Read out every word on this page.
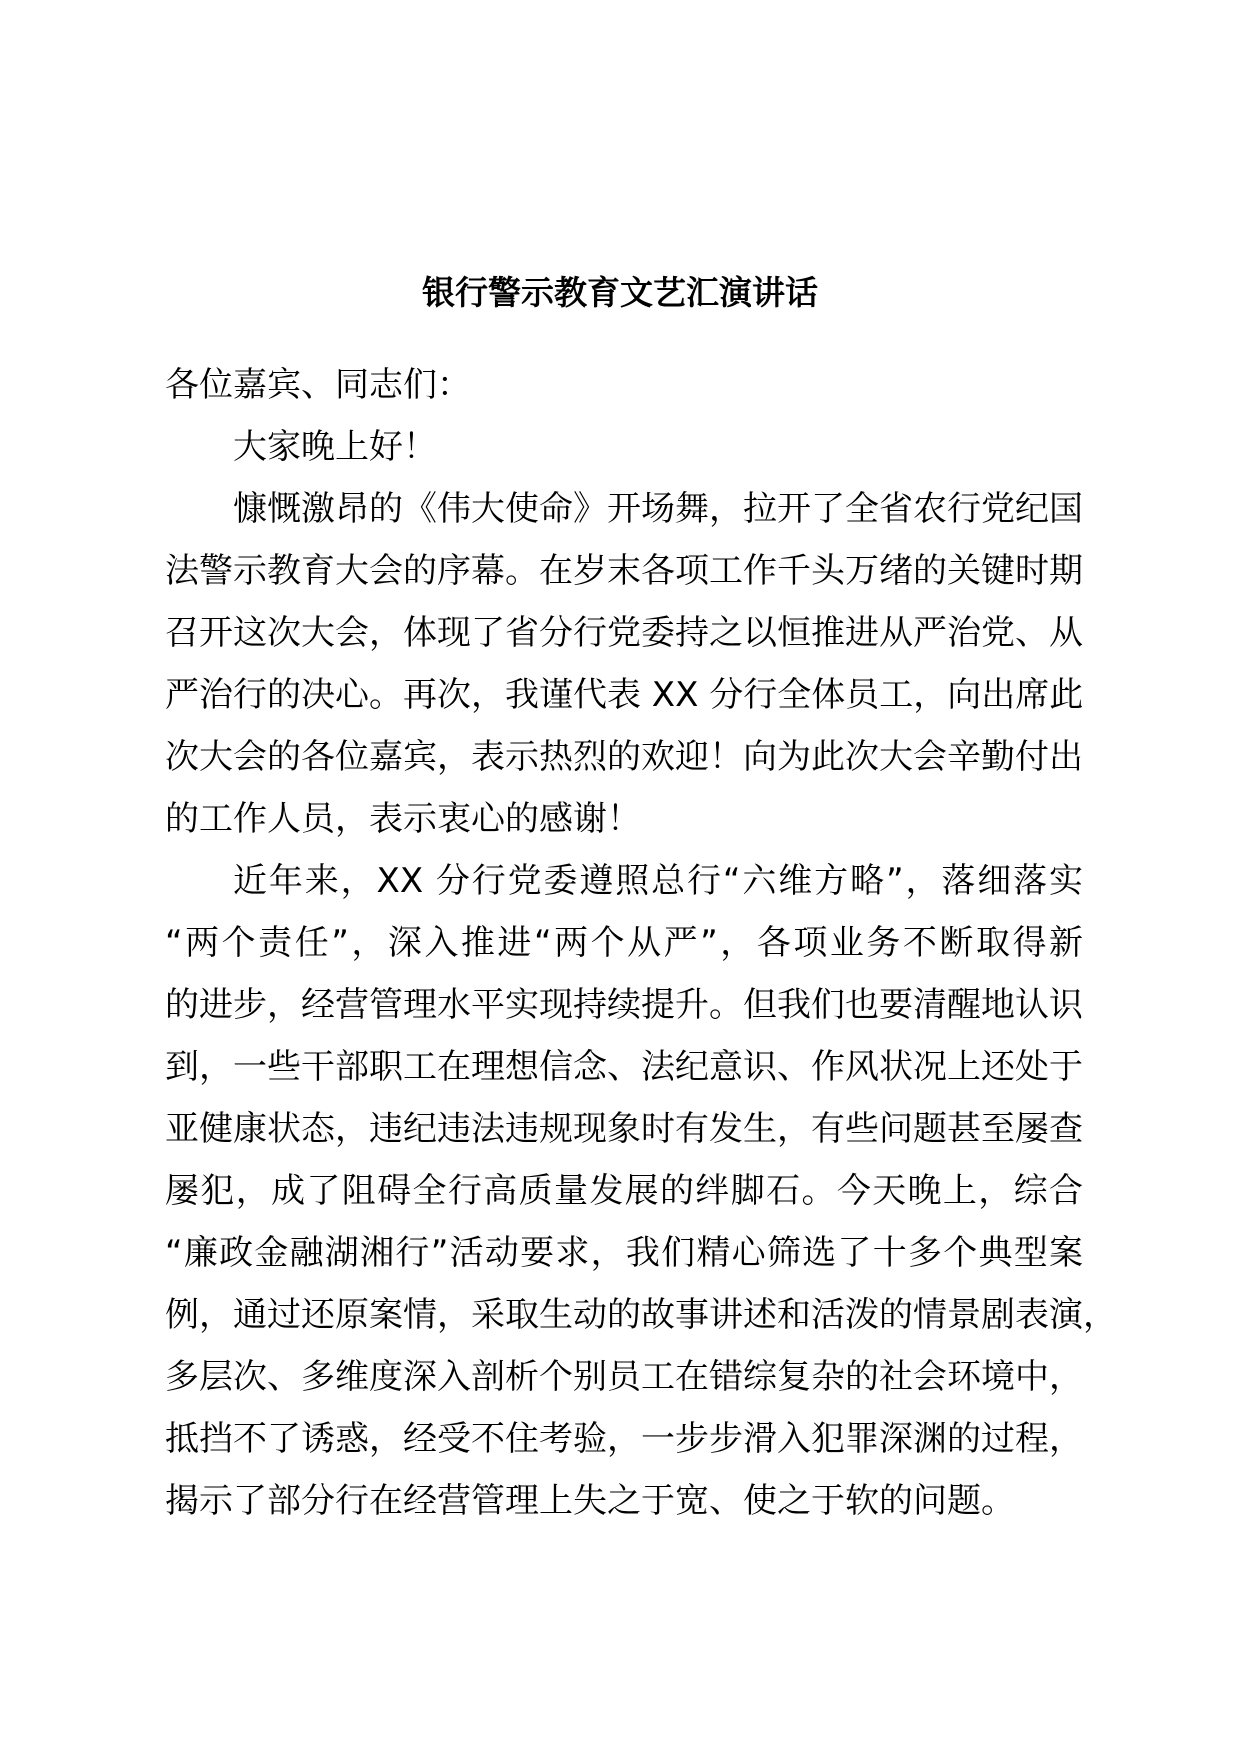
银行警示教育文艺汇演讲话
各位嘉宾、同志们：
大家晚上好！
慷慨激昂的《伟大使命》开场舞，拉开了全省农行党纪国
法警示教育大会的序幕。在岁末各项工作千头万绪的关键时期
召开这次大会，体现了省分行党委持之以恒推进从严治党、从
严治行的决心。再次，我谨代表 XX 分行全体员工，向出席此
次大会的各位嘉宾，表示热烈的欢迎！向为此次大会辛勤付出
的工作人员，表示衷心的感谢！
近年来，XX 分行党委遵照总行“六维方略”，落细落实
“两个责任”，深入推进“两个从严”，各项业务不断取得新
的进步，经营管理水平实现持续提升。但我们也要清醒地认识
到，一些干部职工在理想信念、法纪意识、作风状况上还处于
亚健康状态，违纪违法违规现象时有发生，有些问题甚至屡查
屡犯，成了阻碍全行高质量发展的绊脚石。今天晚上，综合
“廉政金融湖湘行”活动要求，我们精心筛选了十多个典型案
例，通过还原案情，采取生动的故事讲述和活泼的情景剧表演，
多层次、多维度深入剖析个别员工在错综复杂的社会环境中，
抵挡不了诱惑，经受不住考验，一步步滑入犯罪深渊的过程，
揭示了部分行在经营管理上失之于宽、使之于软的问题。
